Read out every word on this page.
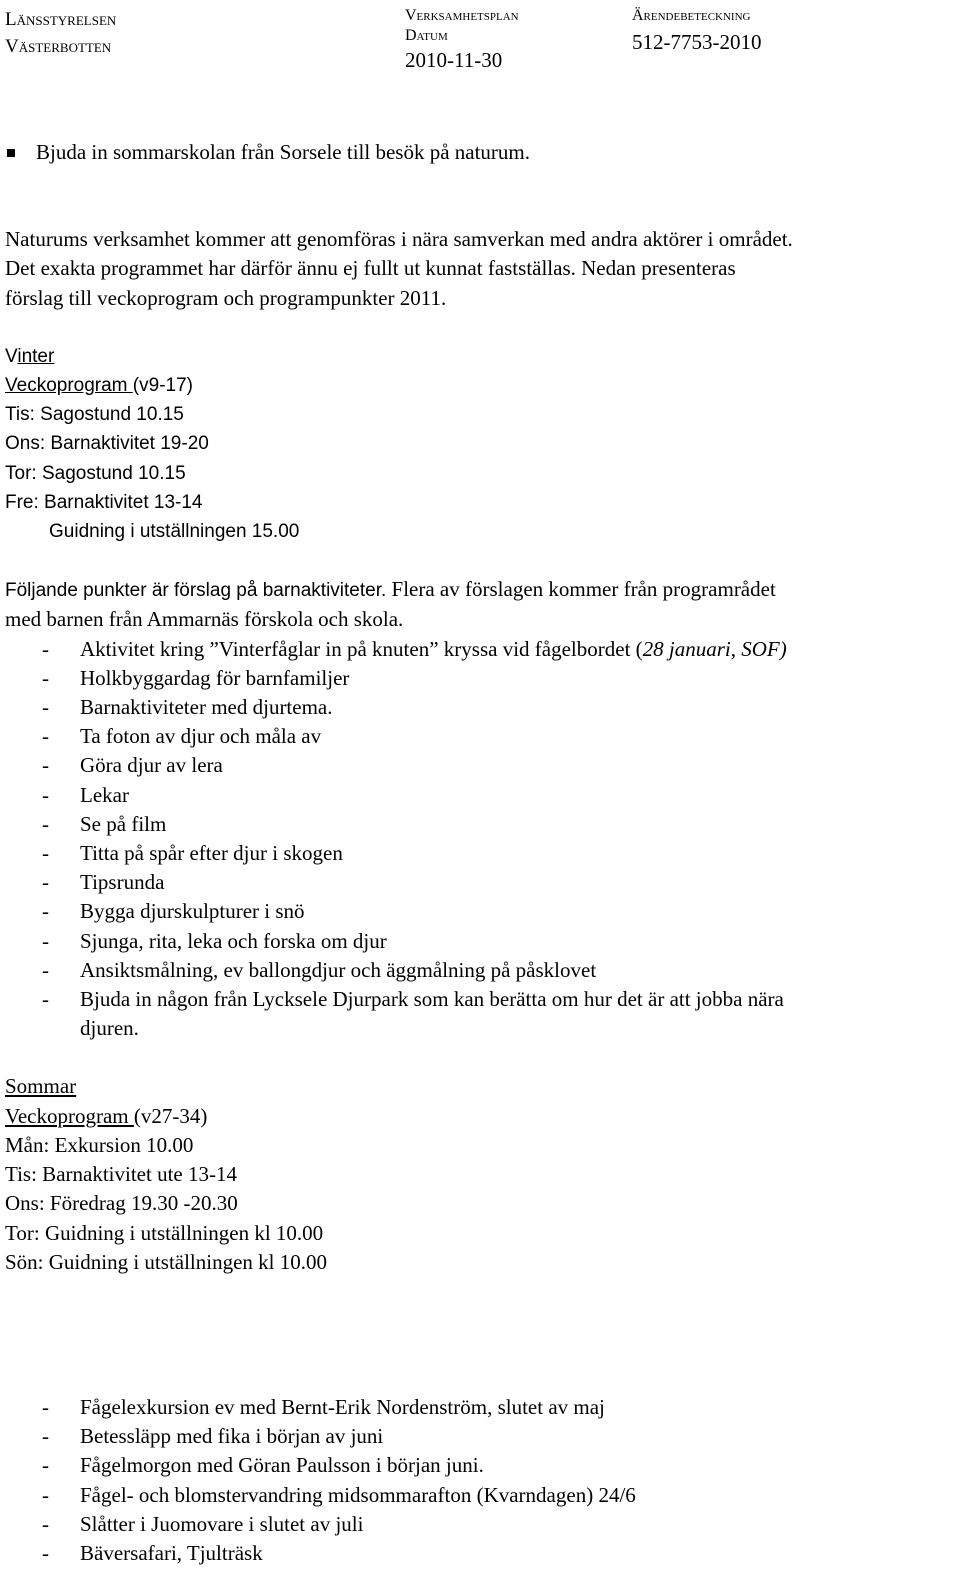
Länsstyrelsen
Västerbotten
Verksamhetsplan
Datum
2010-11-30
Ärendebeteckning
512-7753-2010
Bjuda in sommarskolan från Sorsele till besök på naturum.

Naturums verksamhet kommer att genomföras i nära samverkan med andra aktörer i området.

Det exakta programmet har därför ännu ej fullt ut kunnat fastställas. Nedan presenteras

förslag till veckoprogram och programpunkter 2011.

Vinter
Veckoprogram (v9-17)
Tis: Sagostund 10.15
Ons: Barnaktivitet 19-20
Tor: Sagostund 10.15
Fre: Barnaktivitet 13-14
Guidning i utställningen 15.00
Följande punkter är förslag på barnaktiviteter. Flera av förslagen kommer från programrådet
med barnen från Ammarnäs förskola och skola.
- Aktivitet kring ”Vinterfåglar in på knuten” kryssa vid fågelbordet (28 januari, SOF)
- Holkbyggardag för barnfamiljer
- Barnaktiviteter med djurtema.
- Ta foton av djur och måla av
- Göra djur av lera
- Lekar
- Se på film
- Titta på spår efter djur i skogen
- Tipsrunda
- Bygga djurskulpturer i snö
- Sjunga, rita, leka och forska om djur
- Ansiktsmålning, ev ballongdjur och äggmålning på påsklovet
- Bjuda in någon från Lycksele Djurpark som kan berätta om hur det är att jobba nära
djuren.
Sommar
Veckoprogram (v27-34)
Mån: Exkursion 10.00
Tis: Barnaktivitet ute 13-14
Ons: Föredrag 19.30 -20.30
Tor: Guidning i utställningen kl 10.00
Sön: Guidning i utställningen kl 10.00
- Fågelexkursion ev med Bernt-Erik Nordenström, slutet av maj
- Betessläpp med fika i början av juni
- Fågelmorgon med Göran Paulsson i början juni.
- Fågel- och blomstervandring midsommarafton (Kvarndagen) 24/6
- Slåtter i Juomovare i slutet av juli
- Bäversafari, Tjulträsk
